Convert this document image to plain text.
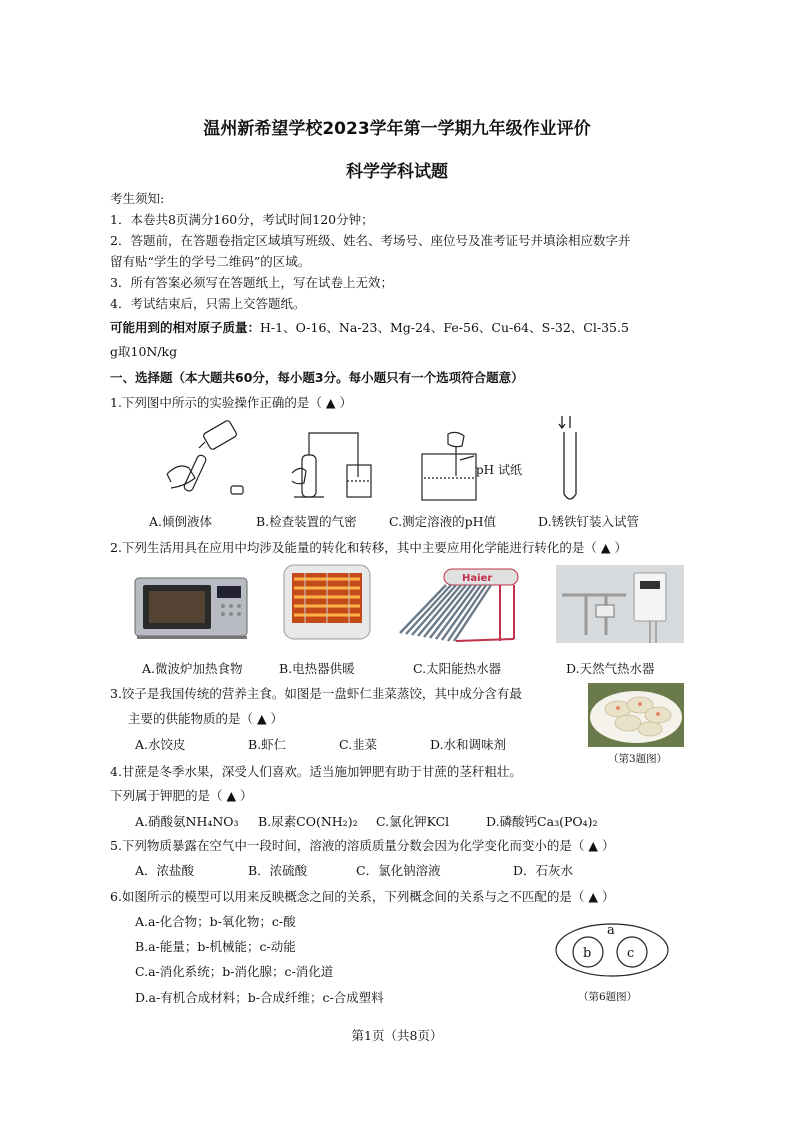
温州新希望学校2023学年第一学期九年级作业评价
科学学科试题
考生须知:
1．本卷共8页满分160分，考试时间120分钟；
2．答题前，在答题卷指定区域填写班级、姓名、考场号、座位号及准考证号并填涂相应数字并
留有贴“学生的学号二维码”的区域。
3．所有答案必须写在答题纸上，写在试卷上无效；
4．考试结束后，只需上交答题纸。
可能用到的相对原子质量：H-1、O-16、Na-23、Mg-24、Fe-56、Cu-64、S-32、Cl-35.5
g取10N/kg
一、选择题（本大题共60分，每小题3分。每小题只有一个选项符合题意）
1.下列图中所示的实验操作正确的是（ ▲ ）
pH 试纸
A.倾倒液体	B.检查装置的气密	C.测定溶液的pH值	D.锈铁钉装入试管
2.下列生活用具在应用中均涉及能量的转化和转移，其中主要应用化学能进行转化的是（ ▲ ）
Haier
A.微波炉加热食物	B.电热器供暖	C.太阳能热水器	D.天然气热水器
3.饺子是我国传统的营养主食。如图是一盘虾仁韭菜蒸饺，其中成分含有最
主要的供能物质的是（ ▲ ）
A.水饺皮	B.虾仁	C.韭菜	D.水和调味剂
（第3题图）
4.甘蔗是冬季水果，深受人们喜欢。适当施加钾肥有助于甘蔗的茎秆粗壮。
下列属于钾肥的是（ ▲ ）
A.硝酸氨NH₄NO₃ B.尿素CO(NH₂)₂ C.氯化钾KCl	D.磷酸钙Ca₃(PO₄)₂
5.下列物质暴露在空气中一段时间，溶液的溶质质量分数会因为化学变化而变小的是（ ▲ ）
A．浓盐酸	B．浓硫酸	C．氯化钠溶液	D．石灰水
6.如图所示的模型可以用来反映概念之间的关系，下列概念间的关系与之不匹配的是（ ▲ ）
A.a-化合物；b-氧化物；c-酸
B.a-能量；b-机械能；c-动能
C.a-消化系统；b-消化腺；c-消化道
D.a-有机合成材料；b-合成纤维；c-合成塑料
a
b	c
（第6题图）
第1页（共8页）
